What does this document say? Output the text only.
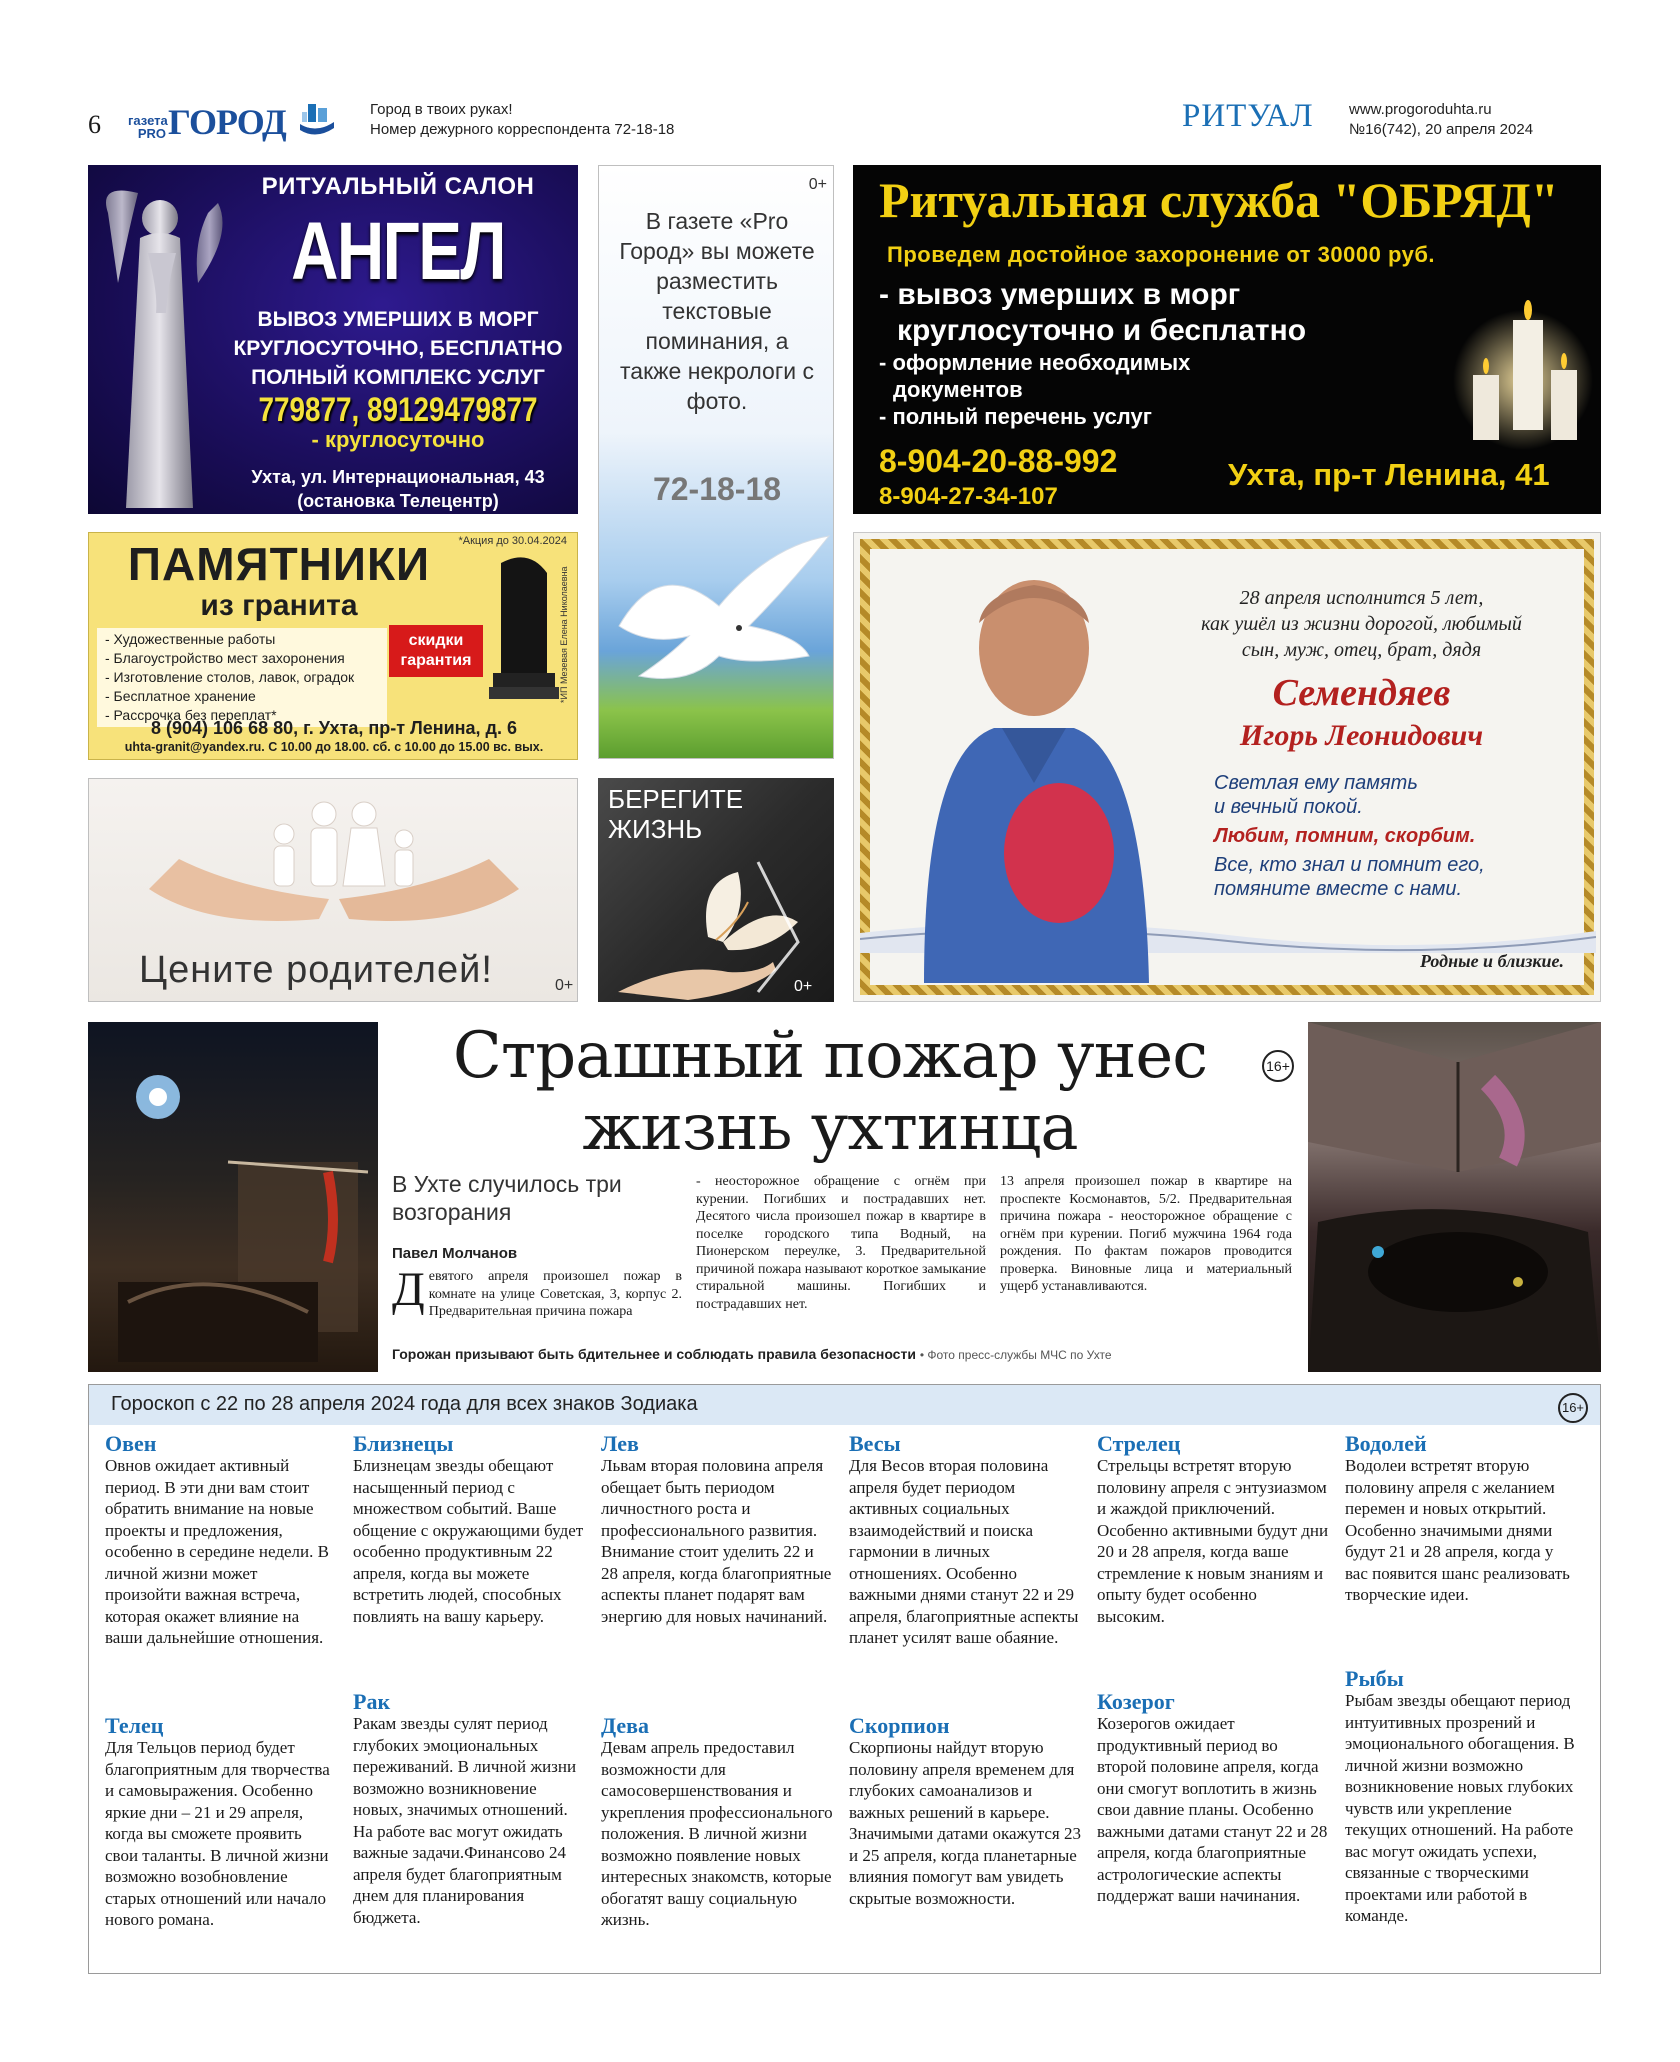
6 газета PRO ГОРОД	Город в твоих руках!
Номер дежурного корреспондента 72-18-18	РИТУАЛ www.progoroduhta.ru
№16(742), 20 апреля 2024
РИТУАЛЬНЫЙ САЛОН
АНГЕЛ
ВЫВОЗ УМЕРШИХ В МОРГ
КРУГЛОСУТОЧНО, БЕСПЛАТНО
ПОЛНЫЙ КОМПЛЕКС УСЛУГ
779877, 89129479877
- круглосуточно
Ухта, ул. Интернациональная, 43
(остановка Телецентр)
0+
В газете «Pro Город» вы можете разместить текстовые поминания, а также некрологи с фото.
72-18-18
Ритуальная служба "ОБРЯД"
Проведем достойное захоронение от 30000 руб.
- вывоз умерших в морг
круглосуточно и бесплатно
- оформление необходимых
документов
- полный перечень услуг
8-904-20-88-992
8-904-27-34-107
Ухта, пр-т Ленина, 41
*Акция до 30.04.2024
ПАМЯТНИКИ
из гранита
- Художественные работы
- Благоустройство мест захоронения
- Изготовление столов, лавок, оградок
- Бесплатное хранение
- Рассрочка без переплат*
скидки
гарантия	*ИП Мезевая Елена Николаевна
8 (904) 106 68 80, г. Ухта, пр-т Ленина, д. 6
uhta-granit@yandex.ru. С 10.00 до 18.00. сб. с 10.00 до 15.00 вс. вых.
28 апреля исполнится 5 лет,
как ушёл из жизни дорогой, любимый
сын, муж, отец, брат, дядя
Семендяев
Игорь Леонидович
Светлая ему память
и вечный покой.
Любим, помним, скорбим.
Все, кто знал и помнит его,
помяните вместе с нами.
Родные и близкие.
Цените родителей!	0+
БЕРЕГИТЕ
ЖИЗНЬ
0+
Страшный пожар унес
жизнь ухтинца
16+
В Ухте случилось три возгорания
Павел Молчанов
Девятого апреля произошел пожар в комнате на улице Советская, 3, корпус 2. Предварительная причина пожара
- неосторожное обращение с огнём при курении. Погибших и пострадавших нет. Десятого числа произошел пожар в квартире в поселке городского типа Водный, на Пионерском переулке, 3. Предварительной причиной пожара называют короткое замыкание стиральной машины. Погибших и пострадавших нет.
13 апреля произошел пожар в квартире на проспекте Космонавтов, 5/2. Предварительная причина пожара - неосторожное обращение с огнём при курении. Погиб мужчина 1964 года рождения. По фактам пожаров проводится проверка. Виновные лица и материальный ущерб устанавливаются.
Горожан призывают быть бдительнее и соблюдать правила безопасности • Фото пресс-службы МЧС по Ухте
Гороскоп с 22 по 28 апреля 2024 года для всех знаков Зодиака	16+
Овен
Овнов ожидает активный период. В эти дни вам стоит обратить внимание на новые проекты и предложения, особенно в середине недели. В личной жизни может произойти важная встреча, которая окажет влияние на ваши дальнейшие отношения.
Телец
Для Тельцов период будет благоприятным для творчества и самовыражения. Особенно яркие дни – 21 и 29 апреля, когда вы сможете проявить свои таланты. В личной жизни возможно возобновление старых отношений или начало нового романа.
Близнецы
Близнецам звезды обещают насыщенный период с множеством событий. Ваше общение с окружающими будет особенно продуктивным 22 апреля, когда вы можете встретить людей, способных повлиять на вашу карьеру.
Рак
Ракам звезды сулят период глубоких эмоциональных переживаний. В личной жизни возможно возникновение новых, значимых отношений. На работе вас могут ожидать важные задачи.Финансово 24 апреля будет благоприятным днем для планирования бюджета.
Лев
Львам вторая половина апреля обещает быть периодом личностного роста и профессионального развития. Внимание стоит уделить 22 и 28 апреля, когда благоприятные аспекты планет подарят вам энергию для новых начинаний.
Дева
Девам апрель предоставил возможности для самосовершенствования и укрепления профессионального положения. В личной жизни возможно появление новых интересных знакомств, которые обогатят вашу социальную жизнь.
Весы
Для Весов вторая половина апреля будет периодом активных социальных взаимодействий и поиска гармонии в личных отношениях. Особенно важными днями станут 22 и 29 апреля, благоприятные аспекты планет усилят ваше обаяние.
Скорпион
Скорпионы найдут вторую половину апреля временем для глубоких самоанализов и важных решений в карьере. Значимыми датами окажутся 23 и 25 апреля, когда планетарные влияния помогут вам увидеть скрытые возможности.
Стрелец
Стрельцы встретят вторую половину апреля с энтузиазмом и жаждой приключений. Особенно активными будут дни 20 и 28 апреля, когда ваше стремление к новым знаниям и опыту будет особенно высоким.
Козерог
Козерогов ожидает продуктивный период во второй половине апреля, когда они смогут воплотить в жизнь свои давние планы. Особенно важными датами станут 22 и 28 апреля, когда благоприятные астрологические аспекты поддержат ваши начинания.
Водолей
Водолеи встретят вторую половину апреля с желанием перемен и новых открытий. Особенно значимыми днями будут 21 и 28 апреля, когда у вас появится шанс реализовать творческие идеи.
Рыбы
Рыбам звезды обещают период интуитивных прозрений и эмоционального обогащения. В личной жизни возможно возникновение новых глубоких чувств или укрепление текущих отношений. На работе вас могут ожидать успехи, связанные с творческими проектами или работой в команде.
